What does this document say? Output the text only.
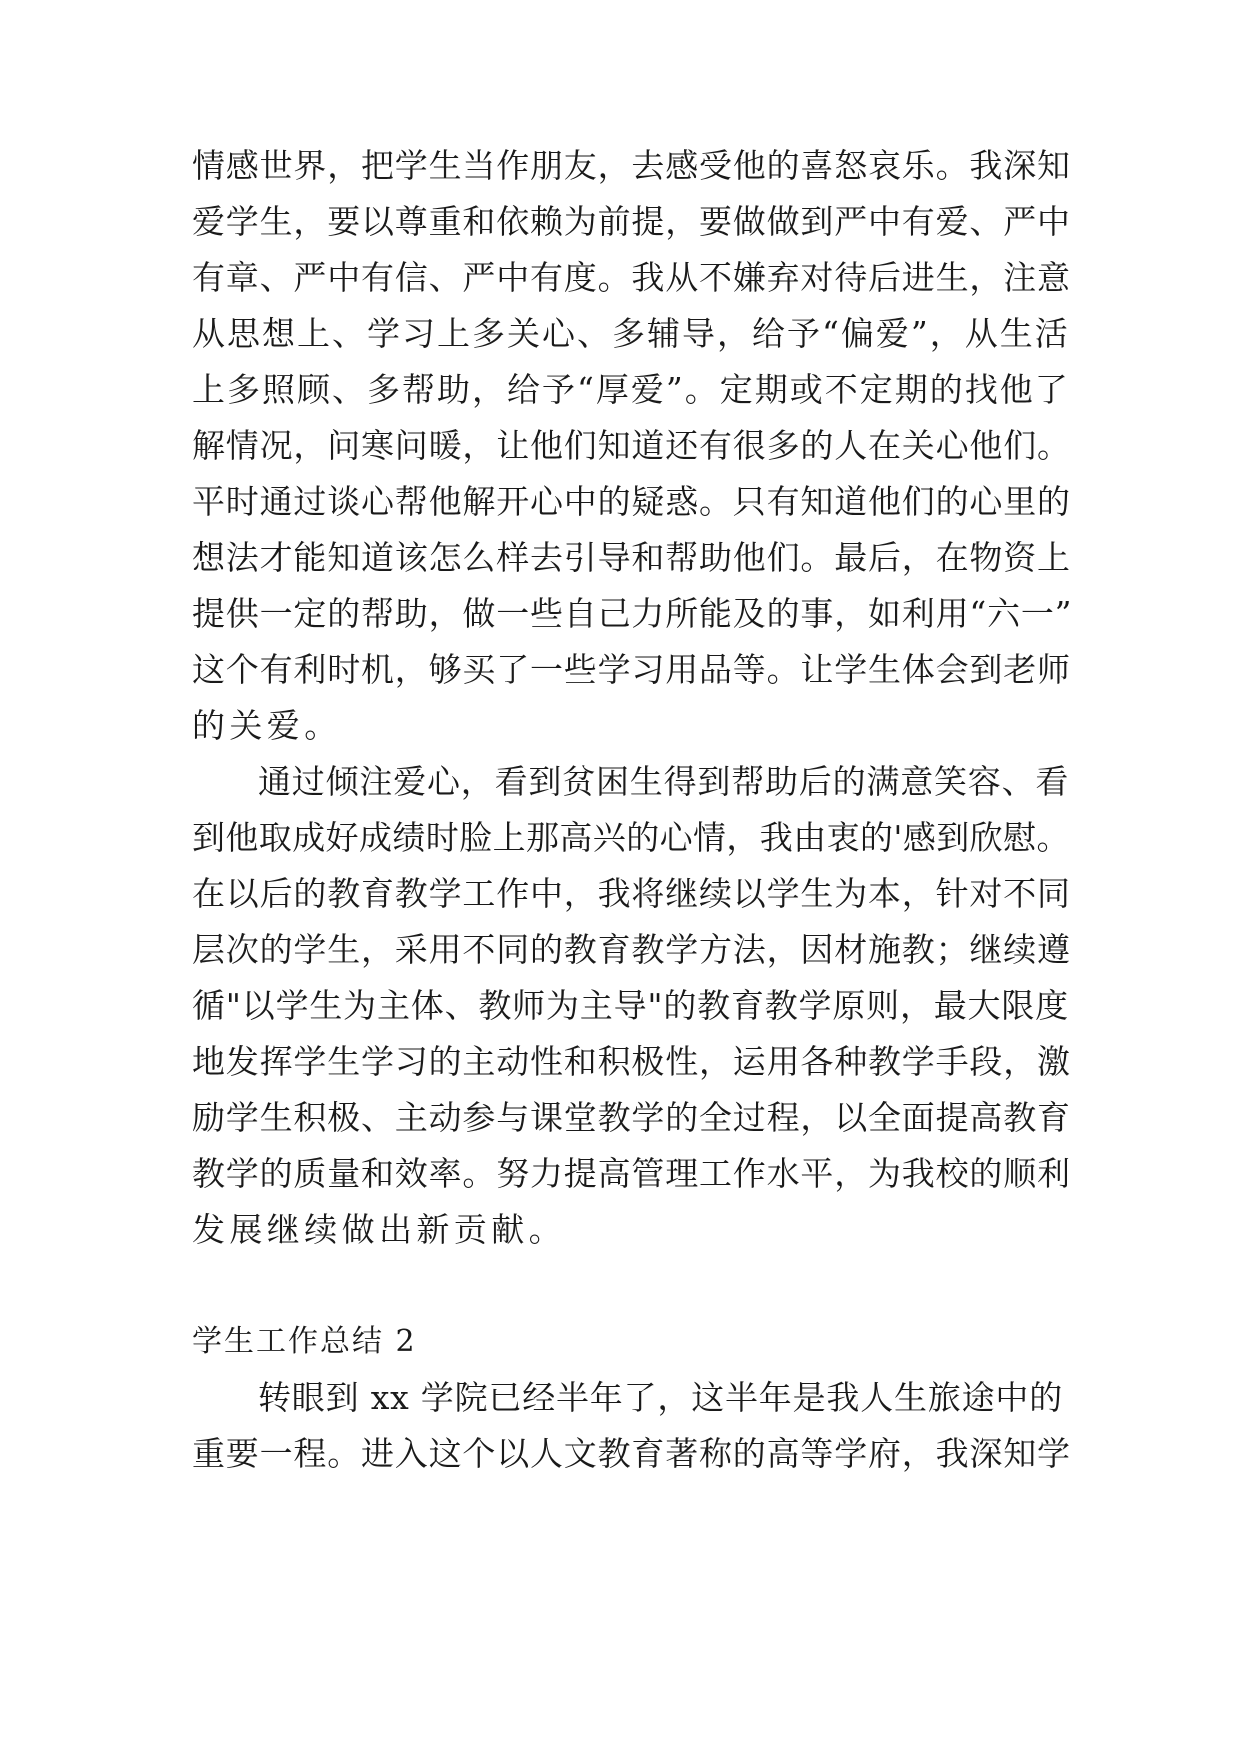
情感世界，把学生当作朋友，去感受他的喜怒哀乐。我深知
爱学生，要以尊重和依赖为前提，要做做到严中有爱、严中
有章、严中有信、严中有度。我从不嫌弃对待后进生，注意
从思想上、学习上多关心、多辅导，给予“偏爱”，从生活
上多照顾、多帮助，给予“厚爱”。定期或不定期的找他了
解情况，问寒问暖，让他们知道还有很多的人在关心他们。
平时通过谈心帮他解开心中的疑惑。只有知道他们的心里的
想法才能知道该怎么样去引导和帮助他们。最后，在物资上
提供一定的帮助，做一些自己力所能及的事，如利用“六一”
这个有利时机，够买了一些学习用品等。让学生体会到老师
的关爱。
通过倾注爱心，看到贫困生得到帮助后的满意笑容、看
到他取成好成绩时脸上那高兴的心情，我由衷的'感到欣慰。
在以后的教育教学工作中，我将继续以学生为本，针对不同
层次的学生，采用不同的教育教学方法，因材施教；继续遵
循"以学生为主体、教师为主导"的教育教学原则，最大限度
地发挥学生学习的主动性和积极性，运用各种教学手段，激
励学生积极、主动参与课堂教学的全过程，以全面提高教育
教学的质量和效率。努力提高管理工作水平，为我校的顺利
发展继续做出新贡献。
学生工作总结 2
转眼到 xx 学院已经半年了，这半年是我人生旅途中的
重要一程。进入这个以人文教育著称的高等学府，我深知学
